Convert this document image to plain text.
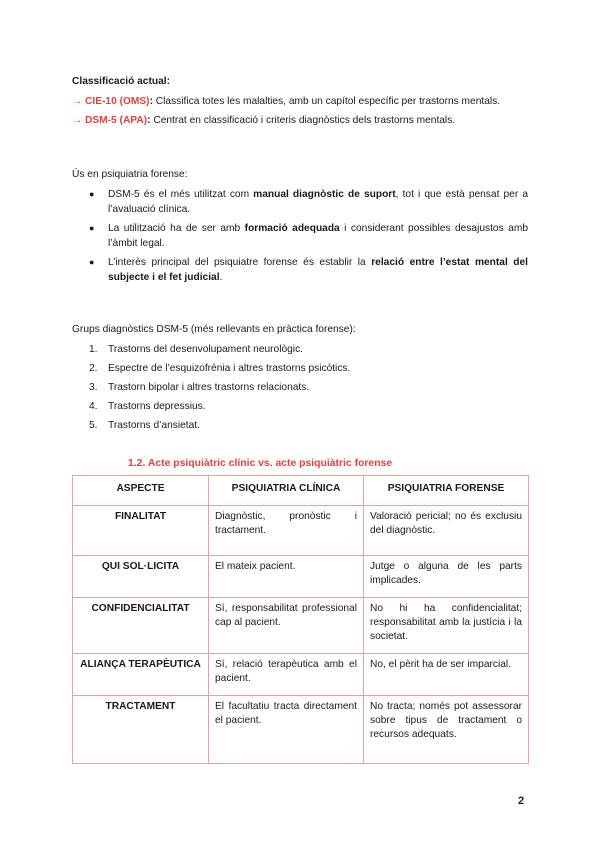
Classificació actual:

→ CIE-10 (OMS): Classifica totes les malalties, amb un capítol específic per trastorns mentals.

→ DSM-5 (APA): Centrat en classificació i criteris diagnòstics dels trastorns mentals.

Ús en psiquiatria forense:

● DSM-5 és el més utilitzat com manual diagnòstic de suport, tot i que està pensat per a l’avaluació clínica.
● La utilització ha de ser amb formació adequada i considerant possibles desajustos amb l’àmbit legal.
● L’interès principal del psiquiatre forense és establir la relació entre l’estat mental del subjecte i el fet judicial.

Grups diagnòstics DSM-5 (més rellevants en pràctica forense):

1. Trastorns del desenvolupament neurològic.
2. Espectre de l’esquizofrènia i altres trastorns psicòtics.
3. Trastorn bipolar i altres trastorns relacionats.
4. Trastorns depressius.
5. Trastorns d’ansietat.
1.2. Acte psiquiàtric clínic vs. acte psiquiàtric forense
ASPECTE	PSIQUIATRIA CLÍNICA	PSIQUIATRIA FORENSE
FINALITAT	Diagnòstic, pronòstic i tractament.	Valoració pericial; no és exclusiu del diagnòstic.
QUI SOL·LICITA	El mateix pacient.	Jutge o alguna de les parts implicades.
CONFIDENCIALITAT	Sí, responsabilitat professional cap al pacient.	No hi ha confidencialitat; responsabilitat amb la justícia i la societat.
ALIANÇA TERAPÈUTICA	Sí, relació terapèutica amb el pacient.	No, el pèrit ha de ser imparcial.
TRACTAMENT	El facultatiu tracta directament el pacient.	No tracta; només pot assessorar sobre tipus de tractament o recursos adequats.
2
